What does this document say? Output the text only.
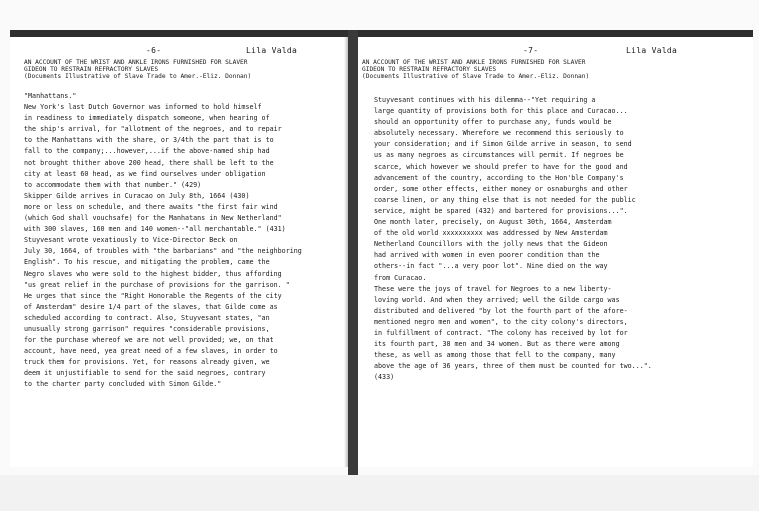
-6-	Lila Valda
AN ACCOUNT OF THE WRIST AND ANKLE IRONS FURNISHED FOR SLAVER
GIDEON TO RESTRAIN REFRACTORY SLAVES
(Documents Illustrative of Slave Trade to Amer.-Eliz. Donnan)

"Manhattans."

New York's last Dutch Governor was informed to hold himself

in readiness to immediately dispatch someone, when hearing of

the ship's arrival, for "allotment of the negroes, and to repair

to the Manhattans with the share, or 3/4th the part that is to

fall to the company;...however,...if the above-named ship had

not brought thither above 200 head, there shall be left to the

city at least 60 head, as we find ourselves under obligation

to accommodate them with that number." (429)

Skipper Gilde arrives in Curacao on July 8th, 1664 (430)

more or less on schedule, and there awaits "the first fair wind

(which God shall vouchsafe) for the Manhatans in New Netherland"

with 300 slaves, 160 men and 140 women--"all merchantable." (431)

Stuyvesant wrote vexatiously to Vice-Director Beck on

July 30, 1664, of troubles with "the barbarians" and "the neighboring

English". To his rescue, and mitigating the problem, came the

Negro slaves who were sold to the highest bidder, thus affording

"us great relief in the purchase of provisions for the garrison. "

He urges that since the "Right Honorable the Regents of the city

of Amsterdam" desire 1/4 part of the slaves, that Gilde come as

scheduled according to contract. Also, Stuyvesant states, "an

unusually strong garrison" requires "considerable provisions,

for the purchase whereof we are not well provided; we, on that

account, have need, yea great need of a few slaves, in order to

truck them for provisions. Yet, for reasons already given, we

deem it unjustifiable to send for the said negroes, contrary

to the charter party concluded with Simon Gilde."

-7-	Lila Valda
AN ACCOUNT OF THE WRIST AND ANKLE IRONS FURNISHED FOR SLAVER
GIDEON TO RESTRAIN REFRACTORY SLAVES
(Documents Illustrative of Slave Trade to Amer.-Eliz. Donnan)

Stuyvesant continues with his dilemma--"Yet requiring a

large quantity of provisions both for this place and Curacao...

should an opportunity offer to purchase any, funds would be

absolutely necessary. Wherefore we recommend this seriously to

your consideration; and if Simon Gilde arrive in season, to send

us as many negroes as circumstances will permit. If negroes be

scarce, which however we should prefer to have for the good and

advancement of the country, according to the Hon'ble Company's

order, some other effects, either money or osnaburghs and other

coarse linen, or any thing else that is not needed for the public

service, might be spared (432) and bartered for provisions...".

One month later, precisely, on August 30th, 1664, Amsterdam

of the old world xxxxxxxxxx was addressed by New Amsterdam

Netherland Councillors with the jolly news that the Gideon

had arrived with women in even poorer condition than the

others--in fact "...a very poor lot". Nine died on the way

from Curacao.

These were the joys of travel for Negroes to a new liberty-

loving world. And when they arrived; well the Gilde cargo was

distributed and delivered "by lot the fourth part of the afore-

mentioned negro men and women", to the city colony's directors,

in fulfillment of contract. "The colony has received by lot for

its fourth part, 38 men and 34 women. But as there were among

these, as well as among those that fell to the company, many

above the age of 36 years, three of them must be counted for two...".

(433)
